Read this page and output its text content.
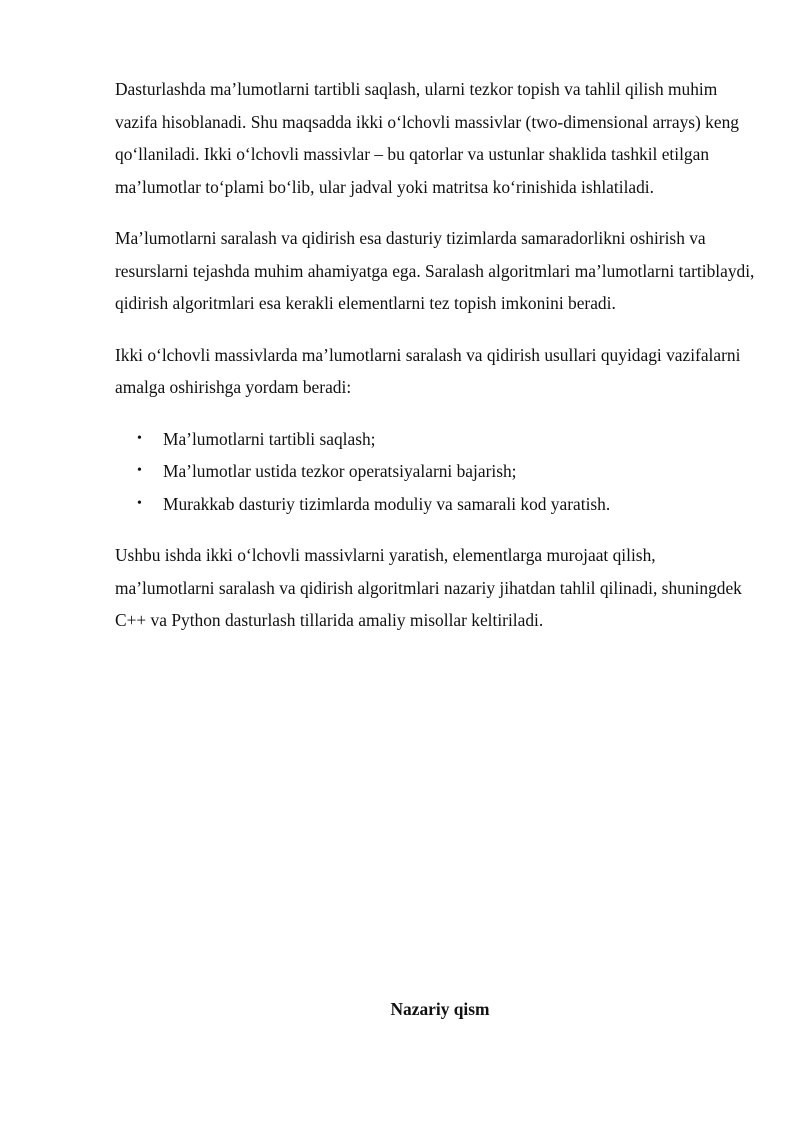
Dasturlashda ma’lumotlarni tartibli saqlash, ularni tezkor topish va tahlil qilish muhim vazifa hisoblanadi. Shu maqsadda ikki o‘lchovli massivlar (two-dimensional arrays) keng qo‘llaniladi. Ikki o‘lchovli massivlar – bu qatorlar va ustunlar shaklida tashkil etilgan ma’lumotlar to‘plami bo‘lib, ular jadval yoki matritsa ko‘rinishida ishlatiladi.

Ma’lumotlarni saralash va qidirish esa dasturiy tizimlarda samaradorlikni oshirish va resurslarni tejashda muhim ahamiyatga ega. Saralash algoritmlari ma’lumotlarni tartiblaydi, qidirish algoritmlari esa kerakli elementlarni tez topish imkonini beradi.

Ikki o‘lchovli massivlarda ma’lumotlarni saralash va qidirish usullari quyidagi vazifalarni amalga oshirishga yordam beradi:

• Ma’lumotlarni tartibli saqlash;
• Ma’lumotlar ustida tezkor operatsiyalarni bajarish;
• Murakkab dasturiy tizimlarda moduliy va samarali kod yaratish.

Ushbu ishda ikki o‘lchovli massivlarni yaratish, elementlarga murojaat qilish, ma’lumotlarni saralash va qidirish algoritmlari nazariy jihatdan tahlil qilinadi, shuningdek C++ va Python dasturlash tillarida amaliy misollar keltiriladi.

Nazariy qism
